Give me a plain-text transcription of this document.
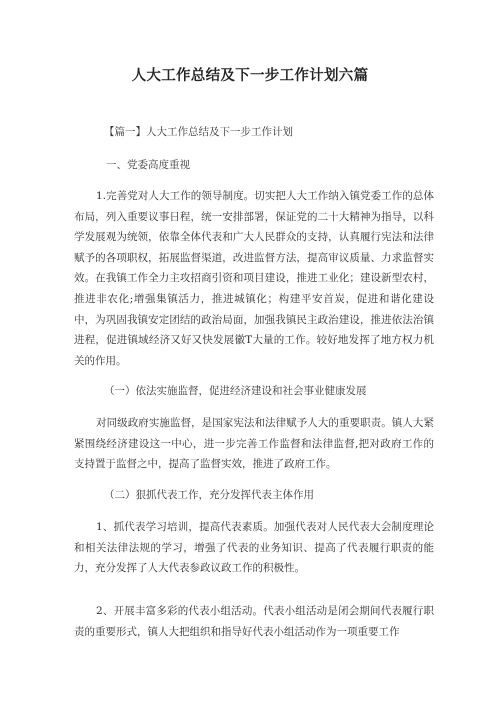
人大工作总结及下一步工作计划六篇
【篇一】人大工作总结及下一步工作计划
一、党委高度重视

1.完善党对人大工作的领导制度。切实把人大工作纳入镇党委工作的总体布局，列入重要议事日程，统一安排部署，保证党的二十大精神为指导，以科学发展观为统领，依靠全体代表和广大人民群众的支持，认真履行宪法和法律赋予的各项职权，拓展监督渠道，改进监督方法，提高审议质量、力求监督实效。在我镇工作全力主攻招商引资和项目建设，推进工业化；建设新型农村，推进非农化;增强集镇活力，推进城镇化；构建平安首炭，促进和谐化建设中，为巩固我镇安定团结的政治局面，加强我镇民主政治建设，推进依法治镇进程，促进镇域经济又好又快发展徽T大量的工作。较好地发挥了地方权力机关的作用。

（一）依法实施监督，促进经济建设和社会事业健康发展

对同级政府实施监督，是国家宪法和法律赋予人大的重要职责。镇人大紧紧围绕经济建设这一中心，进一步完善工作监督和法律监督,把对政府工作的支持置于监督之中，提高了监督实效，推进了政府工作。

（二）狠抓代表工作，充分发挥代表主体作用

1、抓代表学习培训，提高代表素质。加强代表对人民代表大会制度理论和相关法律法规的学习，增强了代表的业务知识、提高了代表履行职责的能力，充分发挥了人大代表参政议政工作的积极性。

2、开展丰富多彩的代表小组活动。代表小组活动是闭会期间代表履行职责的重要形式，镇人大把组织和指导好代表小组活动作为一项重要工作
